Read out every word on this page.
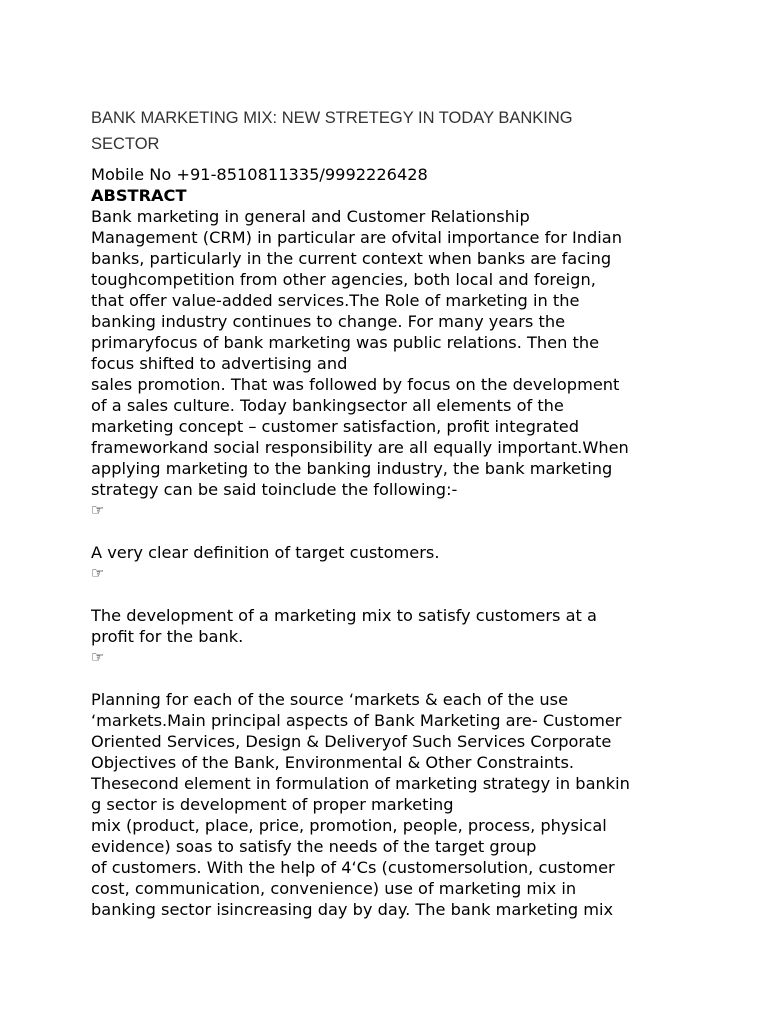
BANK MARKETING MIX: NEW STRETEGY IN TODAY BANKING
SECTOR
Mobile No +91-8510811335/9992226428
ABSTRACT
Bank marketing in general and Customer Relationship
Management (CRM) in particular are ofvital importance for Indian
banks, particularly in the current context when banks are facing
toughcompetition from other agencies, both local and foreign,
that offer value-added services.The Role of marketing in the
banking industry continues to change. For many years the
primaryfocus of bank marketing was public relations. Then the
focus shifted to advertising and
sales promotion. That was followed by focus on the development
of a sales culture. Today bankingsector all elements of the
marketing concept – customer satisfaction, profit integrated
frameworkand social responsibility are all equally important.When
applying marketing to the banking industry, the bank marketing
strategy can be said toinclude the following:-
☞
A very clear definition of target customers.
☞
The development of a marketing mix to satisfy customers at a
profit for the bank.
☞
Planning for each of the source ‘markets & each of the use
‘markets.Main principal aspects of Bank Marketing are- Customer
Oriented Services, Design & Deliveryof Such Services Corporate
Objectives of the Bank, Environmental & Other Constraints.
Thesecond element in formulation of marketing strategy in bankin
g sector is development of proper marketing
mix (product, place, price, promotion, people, process, physical
evidence) soas to satisfy the needs of the target group
of customers. With the help of 4‘Cs (customersolution, customer
cost, communication, convenience) use of marketing mix in
banking sector isincreasing day by day. The bank marketing mix
